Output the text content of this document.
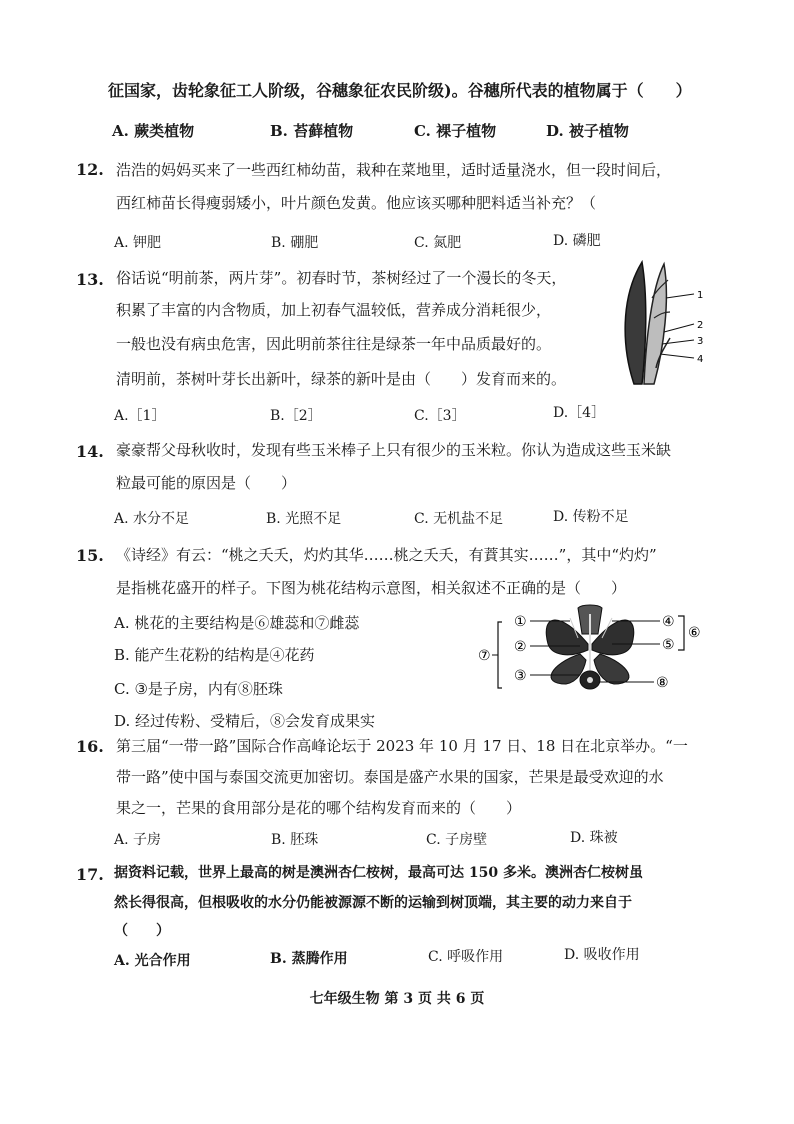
征国家，齿轮象征工人阶级，谷穗象征农民阶级)。谷穗所代表的植物属于（　　）
A. 蕨类植物	B. 苔藓植物	C. 裸子植物	D. 被子植物
12. 浩浩的妈妈买来了一些西红柿幼苗，栽种在菜地里，适时适量浇水，但一段时间后，
西红柿苗长得瘦弱矮小，叶片颜色发黄。他应该买哪种肥料适当补充？（
A. 钾肥	B. 硼肥	C. 氮肥	D. 磷肥
13. 俗话说“明前茶，两片芽”。初春时节，茶树经过了一个漫长的冬天，
积累了丰富的内含物质，加上初春气温较低，营养成分消耗很少，
一般也没有病虫危害，因此明前茶往往是绿茶一年中品质最好的。
清明前，茶树叶芽长出新叶，绿茶的新叶是由（　　）发育而来的。
A.［1］	B.［2］	C.［3］	D.［4］
1
2
3
4
14. 豪豪帮父母秋收时，发现有些玉米棒子上只有很少的玉米粒。你认为造成这些玉米缺
粒最可能的原因是（　　）
A. 水分不足	B. 光照不足	C. 无机盐不足	D. 传粉不足
15. 《诗经》有云：“桃之夭夭，灼灼其华……桃之夭夭，有蕡其实……”，其中“灼灼”
是指桃花盛开的样子。下图为桃花结构示意图，相关叙述不正确的是（　　）
A. 桃花的主要结构是⑥雄蕊和⑦雌蕊
B. 能产生花粉的结构是④花药
C. ③是子房，内有⑧胚珠
D. 经过传粉、受精后，⑧会发育成果实
⑦
①
②
③
④
⑤
⑥
⑧
16. 第三届“一带一路”国际合作高峰论坛于 2023 年 10 月 17 日、18 日在北京举办。“一
带一路”使中国与泰国交流更加密切。泰国是盛产水果的国家，芒果是最受欢迎的水
果之一，芒果的食用部分是花的哪个结构发育而来的（　　）
A. 子房	B. 胚珠	C. 子房壁	D. 珠被
17. 据资料记载，世界上最高的树是澳洲杏仁桉树，最高可达 150 多米。澳洲杏仁桉树虽
然长得很高，但根吸收的水分仍能被源源不断的运输到树顶端，其主要的动力来自于
（　　）
A. 光合作用	B. 蒸腾作用	C. 呼吸作用	D. 吸收作用
七年级生物 第 3 页 共 6 页
